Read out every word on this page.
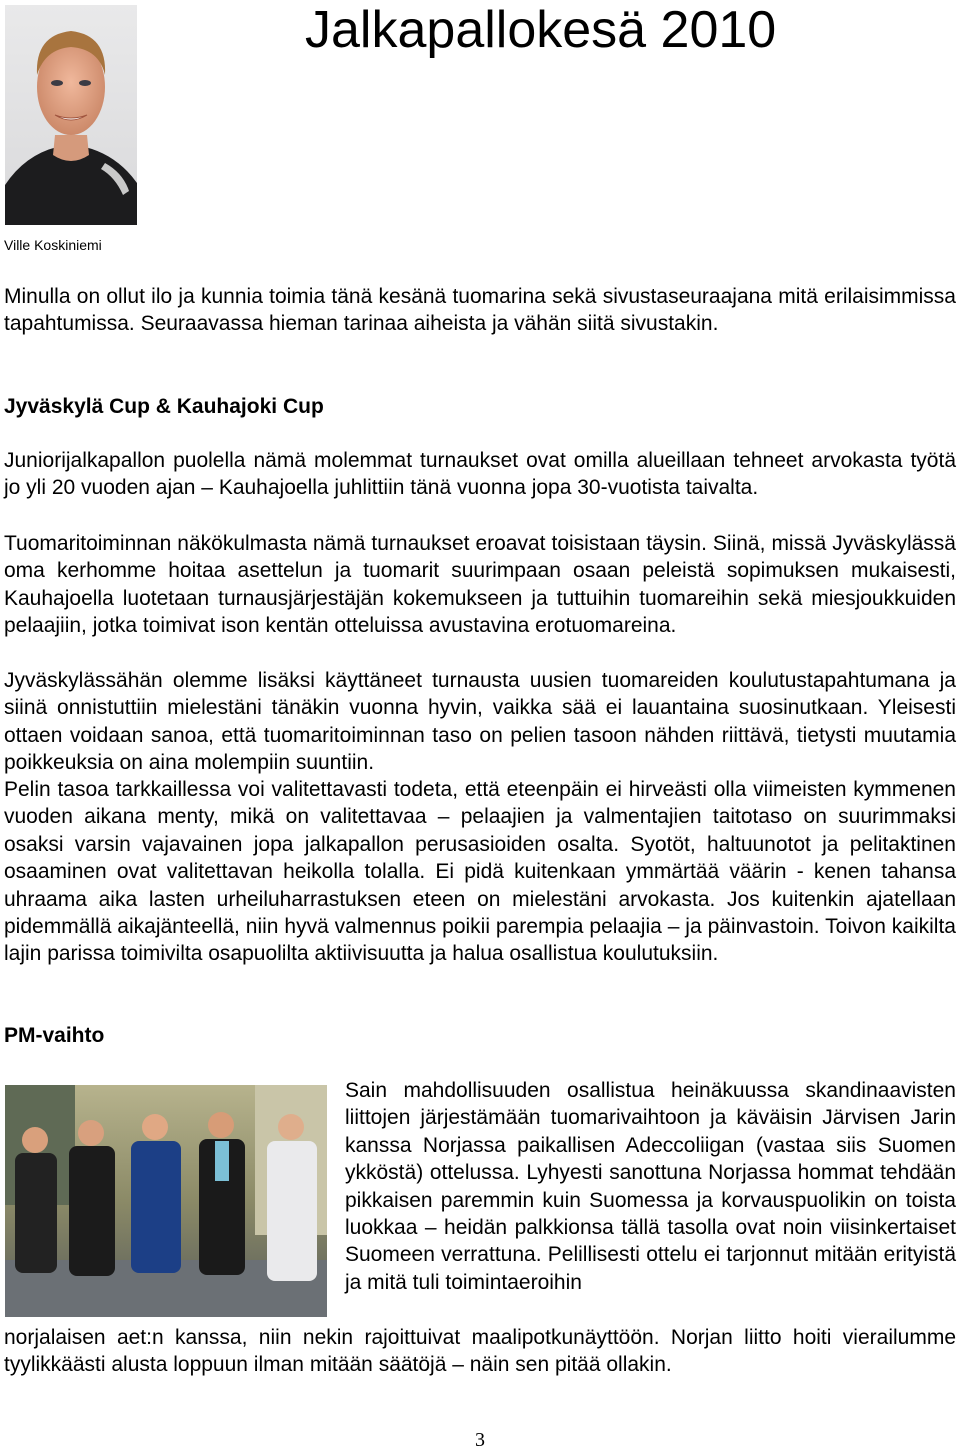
Jalkapallokesä 2010
Ville Koskiniemi

Minulla on ollut ilo ja kunnia toimia tänä kesänä tuomarina sekä sivustaseuraajana mitä erilaisimmissa tapahtumissa. Seuraavassa hieman tarinaa aiheista ja vähän siitä sivustakin.

Jyväskylä Cup & Kauhajoki Cup

Juniorijalkapallon puolella nämä molemmat turnaukset ovat omilla alueillaan tehneet arvokasta työtä jo yli 20 vuoden ajan – Kauhajoella juhlittiin tänä vuonna jopa 30-vuotista taivalta.

Tuomaritoiminnan näkökulmasta nämä turnaukset eroavat toisistaan täysin. Siinä, missä Jyväskylässä oma kerhomme hoitaa asettelun ja tuomarit suurimpaan osaan peleistä sopimuksen mukaisesti, Kauhajoella luotetaan turnausjärjestäjän kokemukseen ja tuttuihin tuomareihin sekä miesjoukkuiden pelaajiin, jotka toimivat ison kentän otteluissa avustavina erotuomareina.

Jyväskylässähän olemme lisäksi käyttäneet turnausta uusien tuomareiden koulutustapahtumana ja siinä onnistuttiin mielestäni tänäkin vuonna hyvin, vaikka sää ei lauantaina suosinutkaan. Yleisesti ottaen voidaan sanoa, että tuomaritoiminnan taso on pelien tasoon nähden riittävä, tietysti muutamia poikkeuksia on aina molempiin suuntiin.

Pelin tasoa tarkkaillessa voi valitettavasti todeta, että eteenpäin ei hirveästi olla viimeisten kymmenen vuoden aikana menty, mikä on valitettavaa – pelaajien ja valmentajien taitotaso on suurimmaksi osaksi varsin vajavainen jopa jalkapallon perusasioiden osalta. Syotöt, haltuunotot ja pelitaktinen osaaminen ovat valitettavan heikolla tolalla. Ei pidä kuitenkaan ymmärtää väärin - kenen tahansa uhraama aika lasten urheiluharrastuksen eteen on mielestäni arvokasta. Jos kuitenkin ajatellaan pidemmällä aikajänteellä, niin hyvä valmennus poikii parempia pelaajia – ja päinvastoin. Toivon kaikilta lajin parissa toimivilta osapuolilta aktiivisuutta ja halua osallistua koulutuksiin.

PM-vaihto

Sain mahdollisuuden osallistua heinäkuussa skandinaavisten liittojen järjestämään tuomarivaihtoon ja käväisin Järvisen Jarin kanssa Norjassa paikallisen Adeccoliigan (vastaa siis Suomen ykköstä) ottelussa. Lyhyesti sanottuna Norjassa hommat tehdään pikkaisen paremmin kuin Suomessa ja korvauspuolikin on toista luokkaa – heidän palkkionsa tällä tasolla ovat noin viisinkertaiset Suomeen verrattuna. Pelillisesti ottelu ei tarjonnut mitään erityistä ja mitä tuli toimintaeroihin

norjalaisen aet:n kanssa, niin nekin rajoittuivat maalipotkunäyttöön. Norjan liitto hoiti vierailumme tyylikkäästi alusta loppuun ilman mitään säätöjä – näin sen pitää ollakin.

3
